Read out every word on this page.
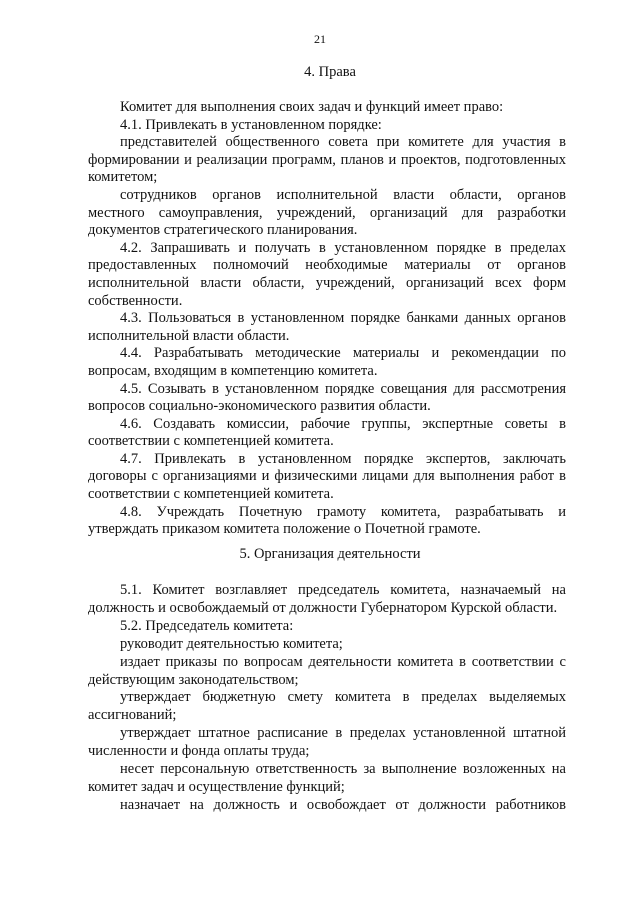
21
4. Права

Комитет для выполнения своих задач и функций имеет право:

4.1. Привлекать в установленном порядке:

представителей общественного совета при комитете для участия в формировании и реализации программ, планов и проектов, подготовленных комитетом;

сотрудников органов исполнительной власти области, органов местного самоуправления, учреждений, организаций для разработки документов стратегического планирования.

4.2. Запрашивать и получать в установленном порядке в пределах предоставленных полномочий необходимые материалы от органов исполнительной власти области, учреждений, организаций всех форм собственности.

4.3. Пользоваться в установленном порядке банками данных органов исполнительной власти области.

4.4. Разрабатывать методические материалы и рекомендации по вопросам, входящим в компетенцию комитета.

4.5. Созывать в установленном порядке совещания для рассмотрения вопросов социально-экономического развития области.

4.6. Создавать комиссии, рабочие группы, экспертные советы в соответствии с компетенцией комитета.

4.7. Привлекать в установленном порядке экспертов, заключать договоры с организациями и физическими лицами для выполнения работ в соответствии с компетенцией комитета.

4.8. Учреждать Почетную грамоту комитета, разрабатывать и утверждать приказом комитета положение о Почетной грамоте.

5. Организация деятельности

5.1. Комитет возглавляет председатель комитета, назначаемый на должность и освобождаемый от должности Губернатором Курской области.

5.2. Председатель комитета:

руководит деятельностью комитета;

издает приказы по вопросам деятельности комитета в соответствии с действующим законодательством;

утверждает бюджетную смету комитета в пределах выделяемых ассигнований;

утверждает штатное расписание в пределах установленной штатной численности и фонда оплаты труда;

несет персональную ответственность за выполнение возложенных на комитет задач и осуществление функций;

назначает на должность и освобождает от должности работников
